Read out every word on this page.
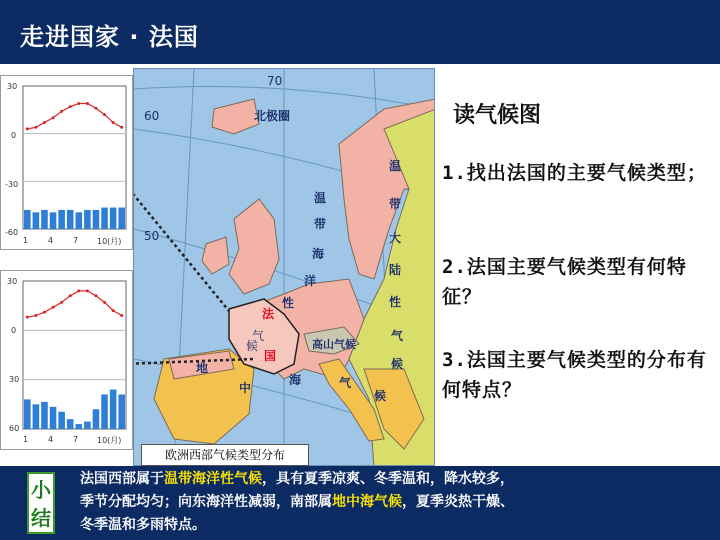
走进国家 · 法国
30
0
-30
-60
1 4 7 10(月)
30
0
30
60
1 4 7 10(月)
北极圈
70
60
50
温
带
海
洋
性
温
带
大
陆
性
气
候
法
气
候
国
高山气候
地
中
海	气
候
欧洲西部气候类型分布
读气候图
1.找出法国的主要气候类型；
2.法国主要气候类型有何特征？
3.法国主要气候类型的分布有何特点？
小结
法国西部属于温带海洋性气候，具有夏季凉爽、冬季温和，降水较多，
季节分配均匀；向东海洋性减弱，南部属地中海气候，夏季炎热干燥、
冬季温和多雨特点。
